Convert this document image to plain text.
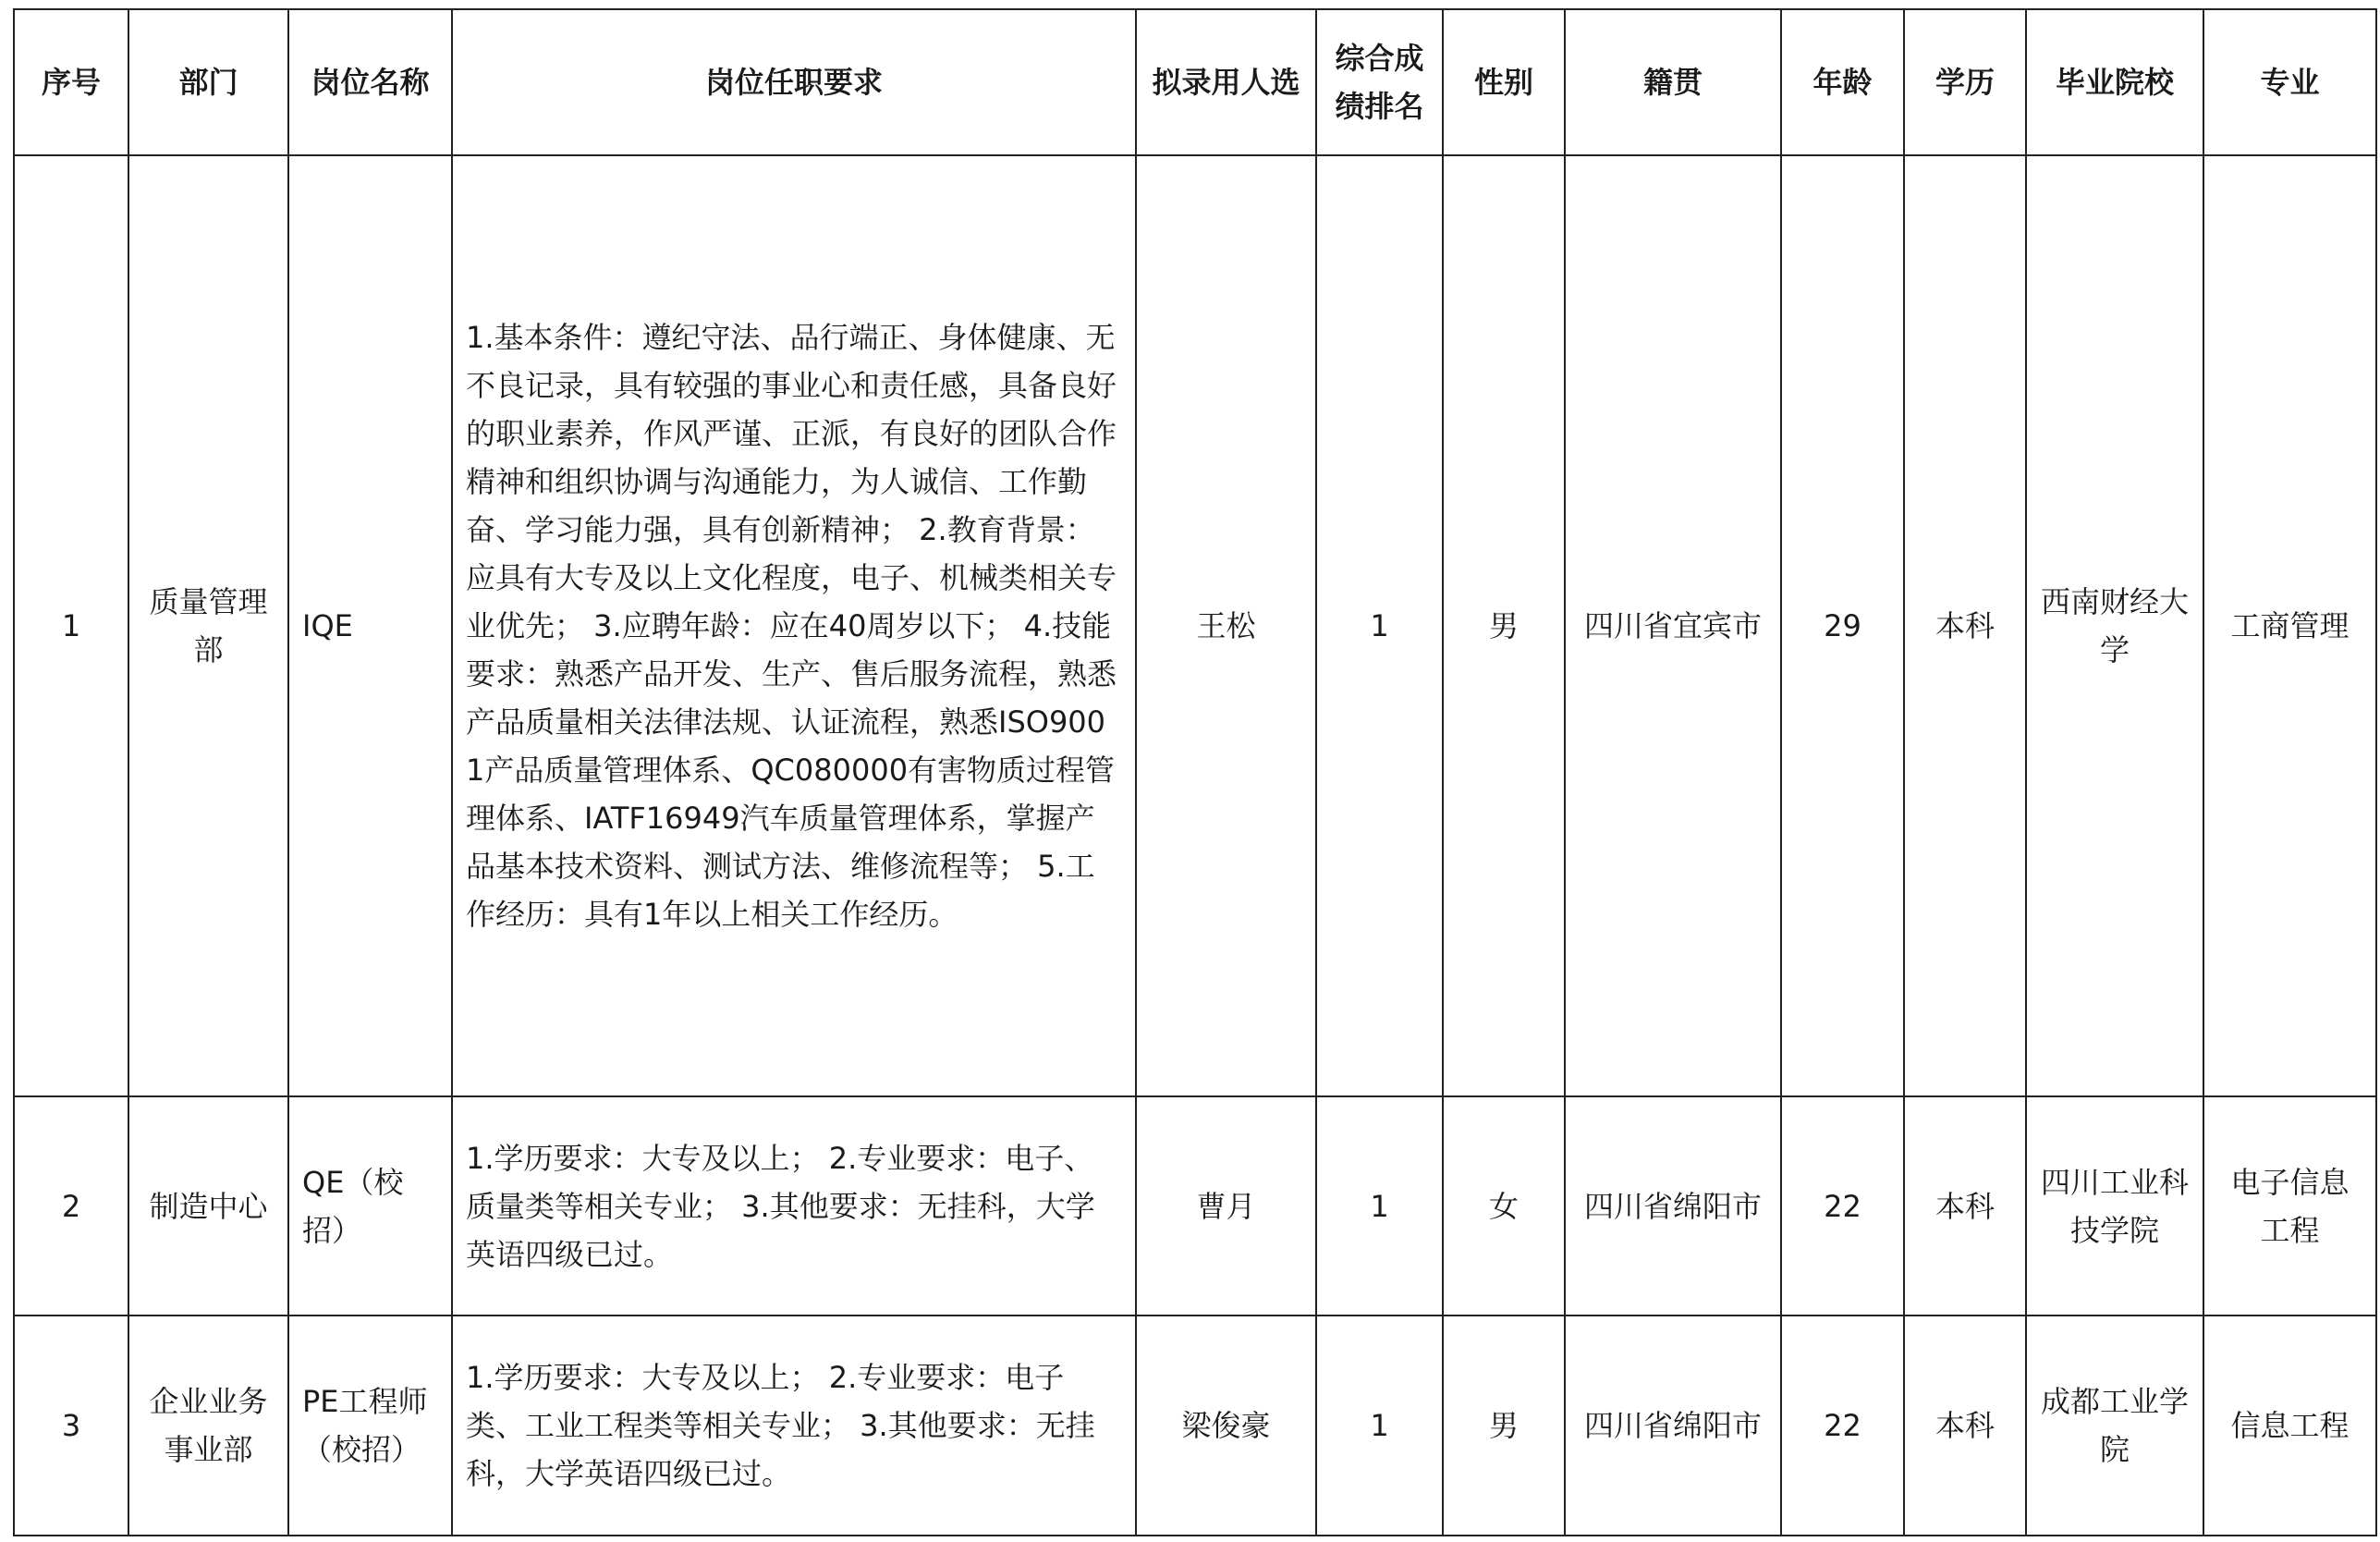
序号	部门	岗位名称	岗位任职要求	拟录用人选	综合成绩排名	性别	籍贯	年龄	学历	毕业院校	专业
1	质量管理部	IQE	1.基本条件：遵纪守法、品行端正、身体健康、无不良记录，具有较强的事业心和责任感，具备良好的职业素养，作风严谨、正派，有良好的团队合作精神和组织协调与沟通能力，为人诚信、工作勤奋、学习能力强，具有创新精神； 2.教育背景：应具有大专及以上文化程度，电子、机械类相关专业优先； 3.应聘年龄：应在40周岁以下； 4.技能要求：熟悉产品开发、生产、售后服务流程，熟悉产品质量相关法律法规、认证流程，熟悉ISO9001产品质量管理体系、QC080000有害物质过程管理体系、IATF16949汽车质量管理体系，掌握产品基本技术资料、测试方法、维修流程等； 5.工作经历：具有1年以上相关工作经历。	王松	1	男	四川省宜宾市	29	本科	西南财经大学	工商管理
2	制造中心	QE（校招）	1.学历要求：大专及以上； 2.专业要求：电子、质量类等相关专业； 3.其他要求：无挂科，大学英语四级已过。	曹月	1	女	四川省绵阳市	22	本科	四川工业科技学院	电子信息工程
3	企业业务事业部	PE工程师（校招）	1.学历要求：大专及以上； 2.专业要求：电子类、工业工程类等相关专业； 3.其他要求：无挂科，大学英语四级已过。	梁俊豪	1	男	四川省绵阳市	22	本科	成都工业学院	信息工程
